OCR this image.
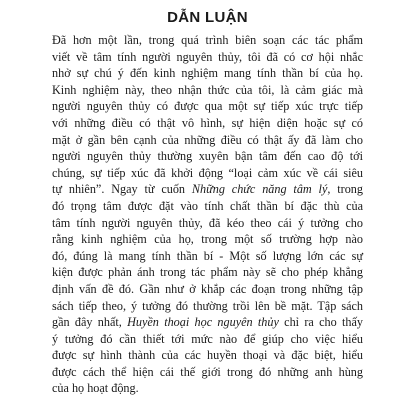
DẪN LUẬN
Đã hơn một lần, trong quá trình biên soạn các tác phẩm
viết về tâm tính người nguyên thủy, tôi đã có cơ hội nhắc
nhở sự chú ý đến kinh nghiệm mang tính thần bí của họ.
Kinh nghiệm này, theo nhận thức của tôi, là cảm giác mà
người nguyên thủy có được qua một sự tiếp xúc trực tiếp
với những điều có thật vô hình, sự hiện diện hoặc sự có
mặt ở gần bên cạnh của những điều có thật ấy đã làm cho
người nguyên thủy thường xuyên bận tâm đến cao độ tới
chúng, sự tiếp xúc đã khởi động “loại cảm xúc về cái siêu
tự nhiên”. Ngay từ cuốn Những chức năng tâm lý, trong
đó trọng tâm được đặt vào tính chất thần bí đặc thù của
tâm tính người nguyên thủy, đã kéo theo cái ý tưởng cho
rằng kinh nghiệm của họ, trong một số trường hợp nào
đó, đúng là mang tính thần bí - Một số lượng lớn các sự
kiện được phản ánh trong tác phẩm này sẽ cho phép khẳng
định vấn đề đó. Gần như ở khắp các đoạn trong những tập
sách tiếp theo, ý tưởng đó thường trồi lên bề mặt. Tập sách
gần đây nhất, Huyền thoại học nguyên thủy chỉ ra cho thấy
ý tưởng đó cần thiết tới mức nào để giúp cho việc hiểu
được sự hình thành của các huyền thoại và đặc biệt, hiểu
được cách thể hiện cái thế giới trong đó những anh hùng
của họ hoạt động.
